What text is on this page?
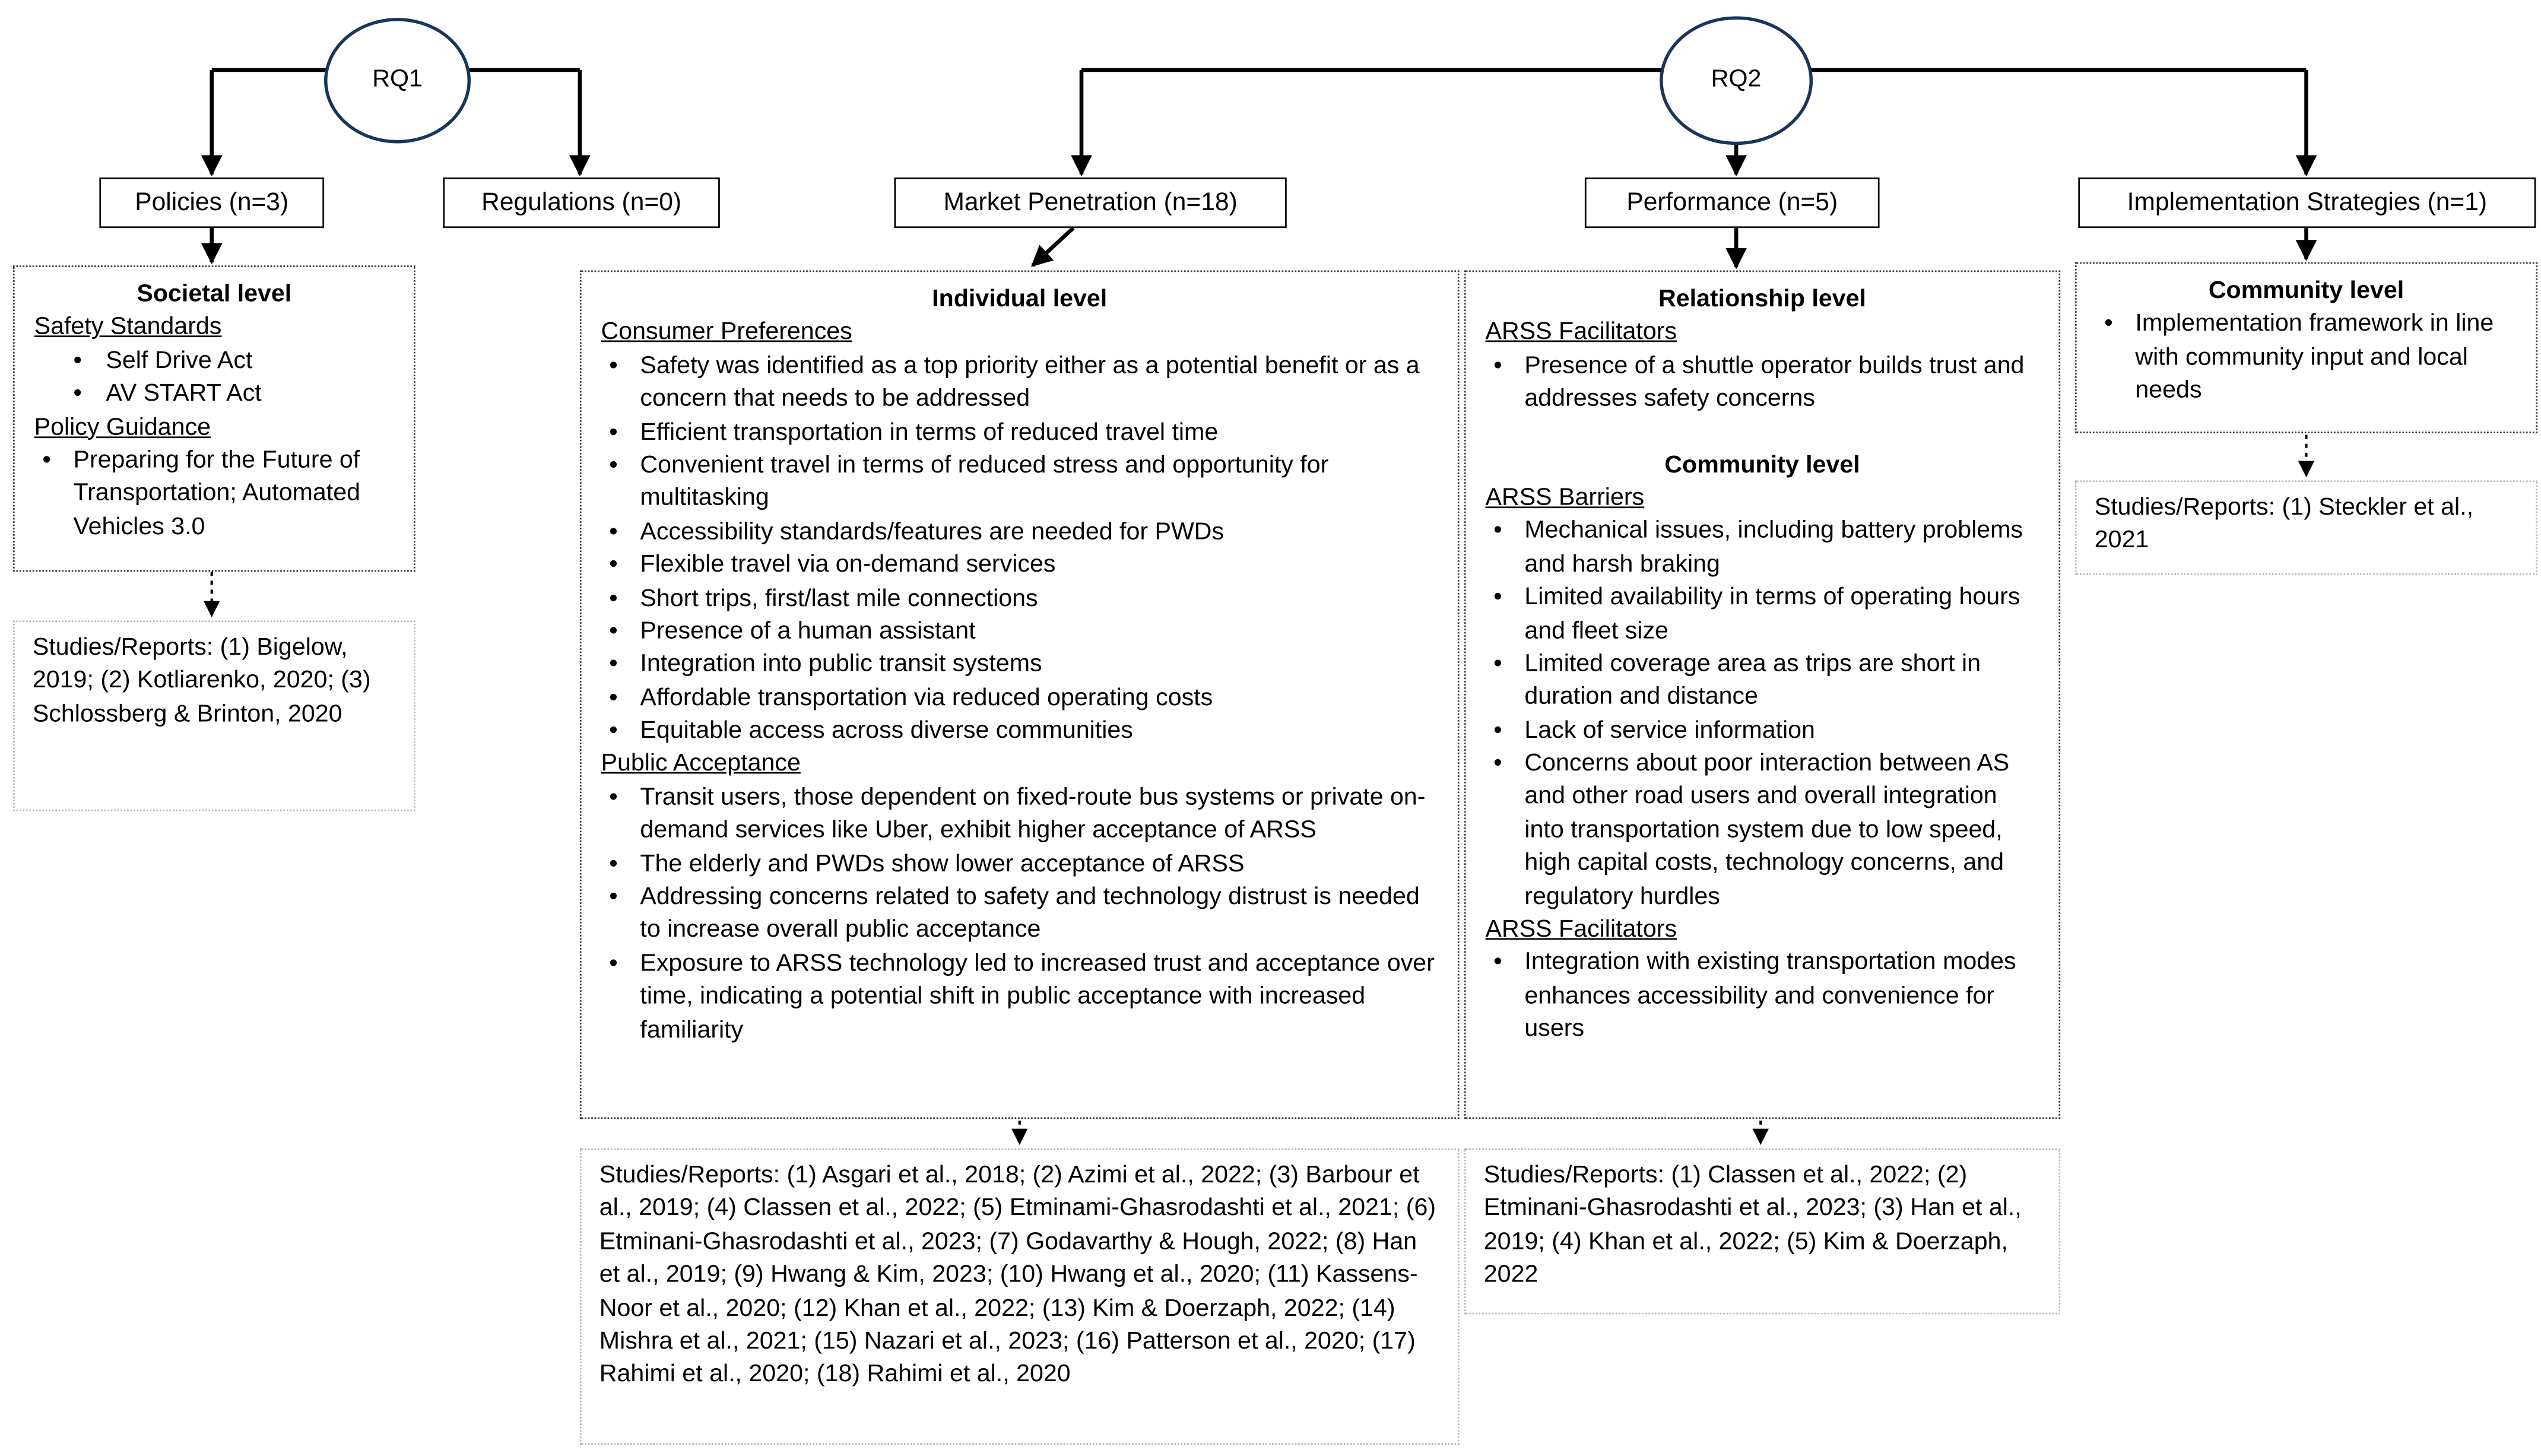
RQ1	RQ2
Policies (n=3)	Regulations (n=0)	Market Penetration (n=18)	Performance (n=5)	Implementation Strategies (n=1)
Societal level
Safety Standards
• Self Drive Act
• AV START Act
Policy Guidance
• Preparing for the Future of Transportation; Automated Vehicles 3.0
Individual level
Consumer Preferences
• Safety was identified as a top priority either as a potential benefit or as a concern that needs to be addressed
• Efficient transportation in terms of reduced travel time
• Convenient travel in terms of reduced stress and opportunity for multitasking
• Accessibility standards/features are needed for PWDs
• Flexible travel via on-demand services
• Short trips, first/last mile connections
• Presence of a human assistant
• Integration into public transit systems
• Affordable transportation via reduced operating costs
• Equitable access across diverse communities
Public Acceptance
• Transit users, those dependent on fixed-route bus systems or private on-demand services like Uber, exhibit higher acceptance of ARSS
• The elderly and PWDs show lower acceptance of ARSS
• Addressing concerns related to safety and technology distrust is needed to increase overall public acceptance
• Exposure to ARSS technology led to increased trust and acceptance over time, indicating a potential shift in public acceptance with increased familiarity
Relationship level
ARSS Facilitators
• Presence of a shuttle operator builds trust and addresses safety concerns
Community level
ARSS Barriers
• Mechanical issues, including battery problems and harsh braking
• Limited availability in terms of operating hours and fleet size
• Limited coverage area as trips are short in duration and distance
• Lack of service information
• Concerns about poor interaction between AS and other road users and overall integration into transportation system due to low speed, high capital costs, technology concerns, and regulatory hurdles
ARSS Facilitators
• Integration with existing transportation modes enhances accessibility and convenience for users
Community level
• Implementation framework in line with community input and local needs
Studies/Reports: (1) Bigelow, 2019; (2) Kotliarenko, 2020; (3) Schlossberg & Brinton, 2020
Studies/Reports: (1) Asgari et al., 2018; (2) Azimi et al., 2022; (3) Barbour et al., 2019; (4) Classen et al., 2022; (5) Etminami-Ghasrodashti et al., 2021; (6) Etminani-Ghasrodashti et al., 2023; (7) Godavarthy & Hough, 2022; (8) Han et al., 2019; (9) Hwang & Kim, 2023; (10) Hwang et al., 2020; (11) Kassens-Noor et al., 2020; (12) Khan et al., 2022; (13) Kim & Doerzaph, 2022; (14) Mishra et al., 2021; (15) Nazari et al., 2023; (16) Patterson et al., 2020; (17) Rahimi et al., 2020; (18) Rahimi et al., 2020
Studies/Reports: (1) Classen et al., 2022; (2) Etminani-Ghasrodashti et al., 2023; (3) Han et al., 2019; (4) Khan et al., 2022; (5) Kim & Doerzaph, 2022
Studies/Reports: (1) Steckler et al., 2021
